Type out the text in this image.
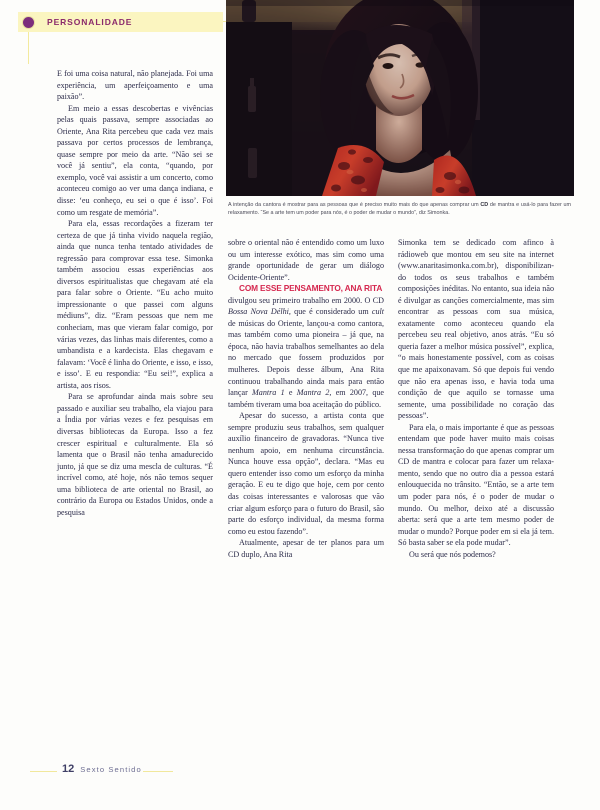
PERSONALIDADE
A intenção da cantora é mostrar para as pessoas que é preciso muito mais do que apenas comprar um CD de mantra e usá-lo para fazer um relaxamento. “Se a arte tem um poder para nós, é o poder de mudar o mundo”, diz Simonka.

E foi uma coisa natural, não planejada. Foi uma experiência, um aperfeiçoamento e uma paixão”.

Em meio a essas descobertas e vivências pelas quais passava, sempre associadas ao Oriente, Ana Rita percebeu que cada vez mais passava por certos processos de lembrança, quase sempre por meio da arte. “Não sei se você já sentiu”, ela conta, “quando, por exemplo, você vai assistir a um concerto, como aconteceu comigo ao ver uma dança indiana, e disse: ‘eu conheço, eu sei o que é isso’. Foi como um resgate de memória”.

Para ela, essas recordações a fizeram ter certeza de que já tinha vivido naquela região, ainda que nunca tenha tentado atividades de regressão para comprovar essa tese. Simonka também associou essas experiências aos diversos espiritualistas que chegavam até ela para falar sobre o Oriente. “Eu acho muito impressionante o que passei com alguns médiuns”, diz. “Eram pessoas que nem me conheciam, mas que vieram falar comigo, por várias vezes, das linhas mais diferentes, como a umbandista e a kardecista. Elas chegavam e falavam: ‘Você é linha do Oriente, e isso, e isso, e isso’. E eu respondia: “Eu sei!”, explica a artista, aos risos.

Para se aprofundar ainda mais sobre seu passado e auxiliar seu trabalho, ela viajou para a Índia por várias vezes e fez pesquisas em diversas bibliotecas da Europa. Isso a fez crescer espiritual e culturalmente. Ela só lamenta que o Brasil não tenha amadurecido junto, já que se diz uma mescla de culturas. “É incrível como, até hoje, nós não temos sequer uma biblioteca de arte oriental no Brasil, ao contrário da Europa ou Estados Unidos, onde a pesquisa

sobre o oriental não é entendido como um luxo ou um interesse exótico, mas sim como uma grande oportunidade de gerar um diálogo Ocidente-Oriente”.

COM ESSE PENSAMENTO, ANA RITA

divulgou seu primeiro trabalho em 2000. O CD Bossa Nova Délhi, que é considerado um cult de músicas do Oriente, lançou-a como cantora, mas também como uma pioneira – já que, na época, não havia trabalhos semelhantes ao dela no mercado que fossem produzidos por mulheres. Depois desse álbum, Ana Rita continuou trabalhando ainda mais para então lançar Mantra 1 e Mantra 2, em 2007, que também tiveram uma boa aceitação do público.

Apesar do sucesso, a artista conta que sempre produziu seus trabalhos, sem qualquer auxílio financeiro de gravadoras. “Nunca tive nenhum apoio, em nenhuma circunstância. Nunca houve essa opção”, declara. “Mas eu quero entender isso como um esforço da minha geração. E eu te digo que hoje, cem por cento das coisas interessantes e valorosas que vão criar algum esforço para o futuro do Brasil, são parte do esforço individual, da mesma forma como eu estou fazendo”.

Atualmente, apesar de ter planos para um CD duplo, Ana Rita

Simonka tem se dedicado com afinco à rádioweb que montou em seu site na internet (www.anaritasimonka.com.br), disponibilizando todos os seus trabalhos e também composições inéditas. No entanto, sua ideia não é divulgar as canções comercialmente, mas sim encontrar as pessoas com sua música, exatamente como aconteceu quando ela percebeu seu real objetivo, anos atrás. “Eu só queria fazer a melhor música possível”, explica, “o mais honestamente possível, com as coisas que me apaixonavam. Só que depois fui vendo que não era apenas isso, e havia toda uma condição de que aquilo se tornasse uma semente, uma possibilidade no coração das pessoas”.

Para ela, o mais importante é que as pessoas entendam que pode haver muito mais coisas nessa transformação do que apenas comprar um CD de mantra e colocar para fazer um relaxamento, sendo que no outro dia a pessoa estará enlouquecida no trânsito. “Então, se a arte tem um poder para nós, é o poder de mudar o mundo. Ou melhor, deixo até a discussão aberta: será que a arte tem mesmo poder de mudar o mundo? Porque poder em si ela já tem. Só basta saber se ela pode mudar”.

Ou será que nós podemos?

12 Sexto Sentido
